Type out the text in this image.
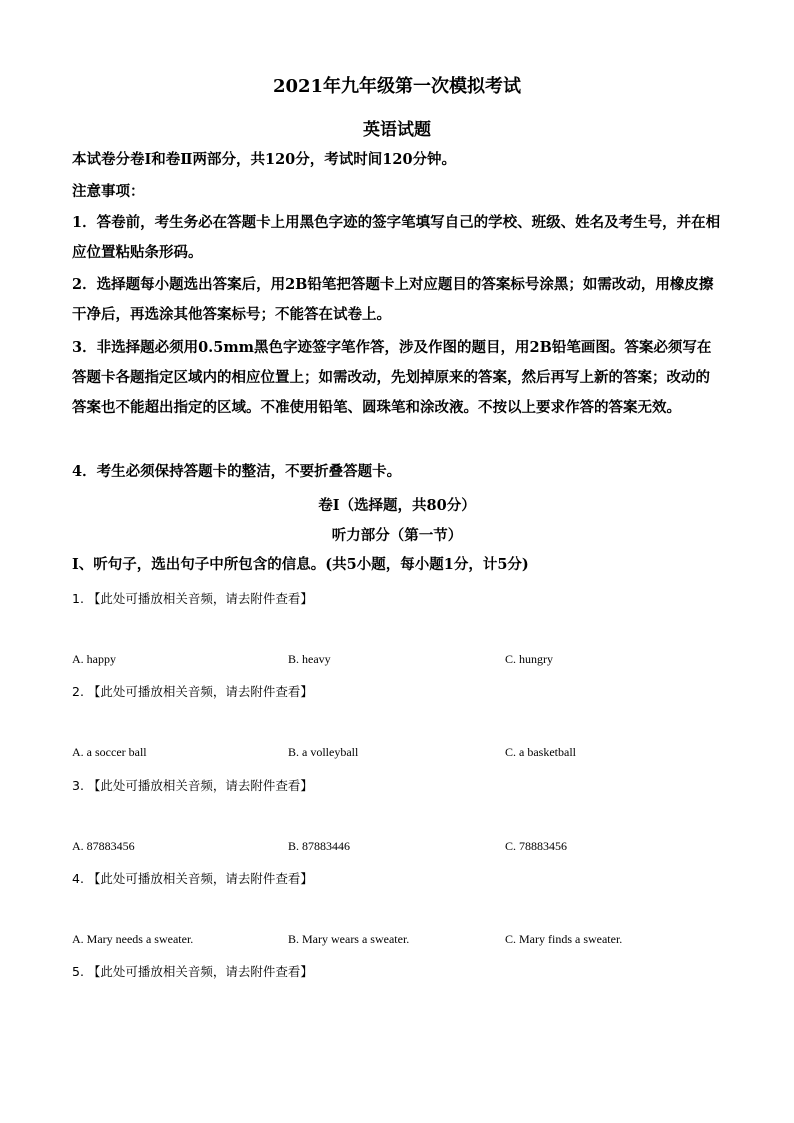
2021年九年级第一次模拟考试
英语试题
本试卷分卷Ⅰ和卷Ⅱ两部分，共120分，考试时间120分钟。
注意事项：
1．答卷前，考生务必在答题卡上用黑色字迹的签字笔填写自己的学校、班级、姓名及考生号，并在相应位置粘贴条形码。
2．选择题每小题选出答案后，用2B铅笔把答题卡上对应题目的答案标号涂黑；如需改动，用橡皮擦干净后，再选涂其他答案标号；不能答在试卷上。
3．非选择题必须用0.5mm黑色字迹签字笔作答，涉及作图的题目，用2B铅笔画图。答案必须写在答题卡各题指定区域内的相应位置上；如需改动，先划掉原来的答案，然后再写上新的答案；改动的答案也不能超出指定的区域。不准使用铅笔、圆珠笔和涂改液。不按以上要求作答的答案无效。
4．考生必须保持答题卡的整洁，不要折叠答题卡。
卷Ⅰ（选择题，共80分）
听力部分（第一节）
Ⅰ、听句子，选出句子中所包含的信息。(共5小题，每小题1分，计5分)
1. 【此处可播放相关音频，请去附件查看】
A. happy	B. heavy	C. hungry
2. 【此处可播放相关音频，请去附件查看】
A. a soccer ball	B. a volleyball	C. a basketball
3. 【此处可播放相关音频，请去附件查看】
A. 87883456	B. 87883446	C. 78883456
4. 【此处可播放相关音频，请去附件查看】
A. Mary needs a sweater.	B. Mary wears a sweater.	C. Mary finds a sweater.
5. 【此处可播放相关音频，请去附件查看】
